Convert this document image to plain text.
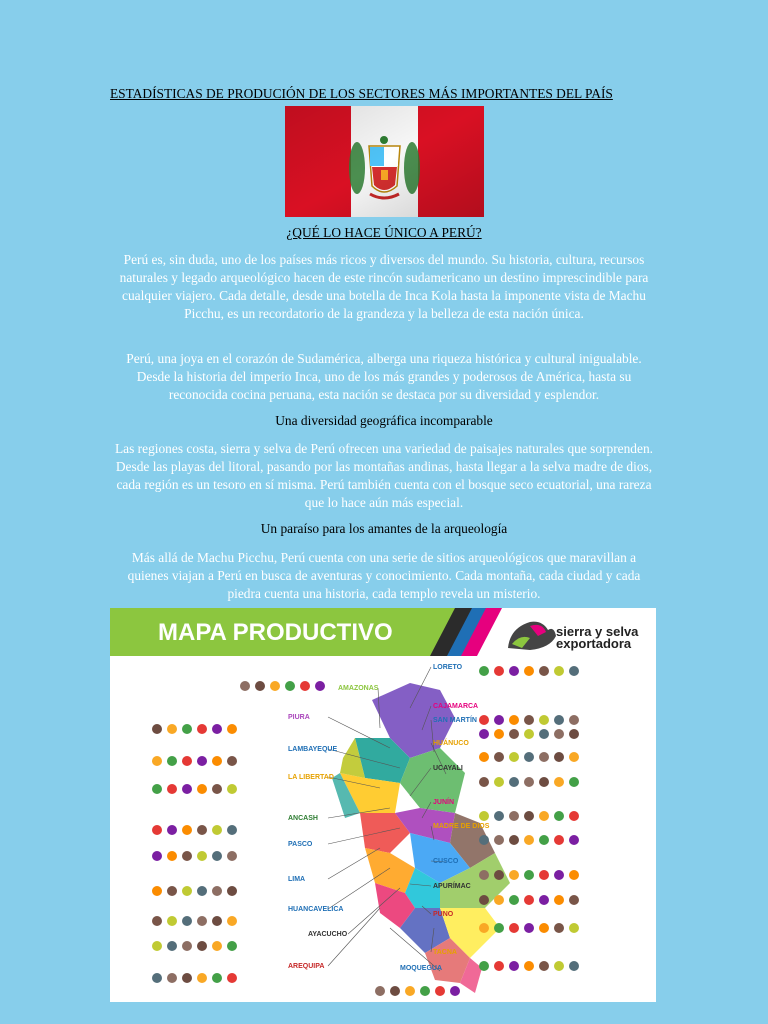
ESTADÍSTICAS DE PRODUCIÓN DE LOS SECTORES MÁS IMPORTANTES DEL PAÍS
¿QUÉ LO HACE ÚNICO A PERÚ?

Perú es, sin duda, uno de los países más ricos y diversos del mundo. Su historia, cultura, recursos naturales y legado arqueológico hacen de este rincón sudamericano un destino imprescindible para cualquier viajero. Cada detalle, desde una botella de Inca Kola hasta la imponente vista de Machu Picchu, es un recordatorio de la grandeza y la belleza de esta nación única.

Perú, una joya en el corazón de Sudamérica, alberga una riqueza histórica y cultural inigualable. Desde la historia del imperio Inca, uno de los más grandes y poderosos de América, hasta su reconocida cocina peruana, esta nación se destaca por su diversidad y esplendor.

Una diversidad geográfica incomparable

Las regiones costa, sierra y selva de Perú ofrecen una variedad de paisajes naturales que sorprenden. Desde las playas del litoral, pasando por las montañas andinas, hasta llegar a la selva madre de dios, cada región es un tesoro en sí misma. Perú también cuenta con el bosque seco ecuatorial, una rareza que lo hace aún más especial.

Un paraíso para los amantes de la arqueología

Más allá de Machu Picchu, Perú cuenta con una serie de sitios arqueológicos que maravillan a quienes viajan a Perú en busca de aventuras y conocimiento. Cada montaña, cada ciudad y cada piedra cuenta una historia, cada templo revela un misterio.

MAPA PRODUCTIVO	sierra y selva
exportadora
AMAZONAS
PIURA
LAMBAYEQUE
LA LIBERTAD
ANCASH
PASCO
LIMA
HUANCAVELICA
AYACUCHO
AREQUIPA	MOQUEGUA
LORETO
CAJAMARCA
SAN MARTÍN
HUÁNUCO
UCAYALI
JUNÍN
MADRE DE DIOS
CUSCO
APURÍMAC
PUNO
TACNA
